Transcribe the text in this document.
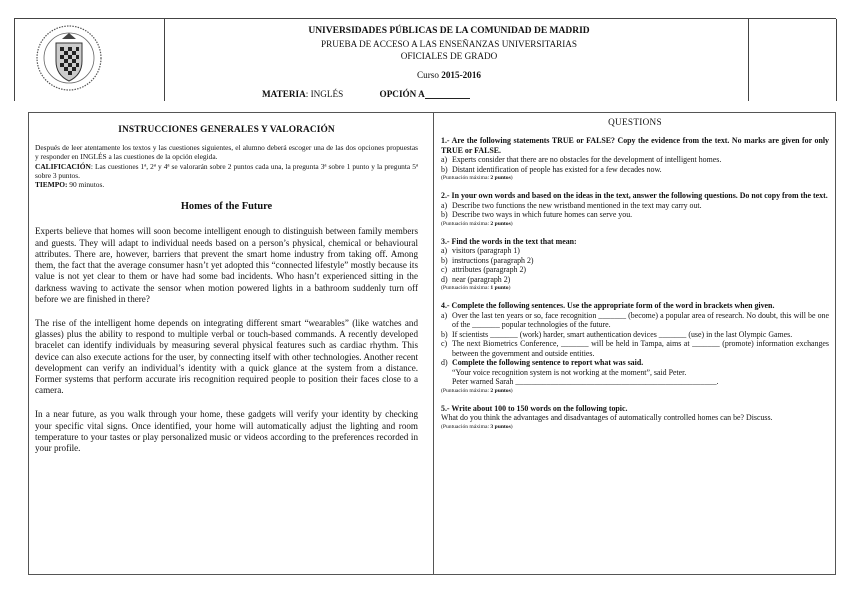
UNIVERSIDADES PÚBLICAS DE LA COMUNIDAD DE MADRID
PRUEBA DE ACCESO A LAS ENSEÑANZAS UNIVERSITARIAS
OFICIALES DE GRADO
Curso 2015-2016
MATERIA: INGLÉS	OPCIÓN A
INSTRUCCIONES GENERALES Y VALORACIÓN
Después de leer atentamente los textos y las cuestiones siguientes, el alumno deberá escoger una de las dos opciones propuestas y responder en INGLÉS a las cuestiones de la opción elegida.
CALIFICACIÓN: Las cuestiones 1ª, 2ª y 4ª se valorarán sobre 2 puntos cada una, la pregunta 3ª sobre 1 punto y la pregunta 5ª sobre 3 puntos.
TIEMPO: 90 minutos.
Homes of the Future
Experts believe that homes will soon become intelligent enough to distinguish between family members and guests. They will adapt to individual needs based on a person’s physical, chemical or behavioural attributes. There are, however, barriers that prevent the smart home industry from taking off. Among them, the fact that the average consumer hasn’t yet adopted this “connected lifestyle” mostly because its value is not yet clear to them or have had some bad incidents. Who hasn’t experienced sitting in the darkness waving to activate the sensor when motion powered lights in a bathroom suddenly turn off before we are finished in there?
The rise of the intelligent home depends on integrating different smart “wearables” (like watches and glasses) plus the ability to respond to multiple verbal or touch-based commands. A recently developed bracelet can identify individuals by measuring several physical features such as cardiac rhythm. This device can also execute actions for the user, by connecting itself with other technologies. Another recent development can verify an individual’s identity with a quick glance at the system from a distance. Former systems that perform accurate iris recognition required people to position their faces close to a camera.
In a near future, as you walk through your home, these gadgets will verify your identity by checking your specific vital signs. Once identified, your home will automatically adjust the lighting and room temperature to your tastes or play personalized music or videos according to the preferences recorded in your profile.
QUESTIONS
1.- Are the following statements TRUE or FALSE? Copy the evidence from the text. No marks are given for only TRUE or FALSE.
a) Experts consider that there are no obstacles for the development of intelligent homes.
b) Distant identification of people has existed for a few decades now.
(Puntuación máxima: 2 puntos)
2.- In your own words and based on the ideas in the text, answer the following questions. Do not copy from the text.
a) Describe two functions the new wristband mentioned in the text may carry out.
b) Describe two ways in which future homes can serve you.
(Puntuación máxima: 2 puntos)
3.- Find the words in the text that mean:
a) visitors (paragraph 1)
b) instructions (paragraph 2)
c) attributes (paragraph 2)
d) near (paragraph 2)
(Puntuación máxima: 1 punto)
4.- Complete the following sentences. Use the appropriate form of the word in brackets when given.
a) Over the last ten years or so, face recognition _______ (become) a popular area of research. No doubt, this will be one of the _______ popular technologies of the future.
b) If scientists _______ (work) harder, smart authentication devices _______ (use) in the last Olympic Games.
c) The next Biometrics Conference, _______ will be held in Tampa, aims at _______ (promote) information exchanges between the government and outside entities.
d) Complete the following sentence to report what was said.
“Your voice recognition system is not working at the moment”, said Peter.
Peter warned Sarah ___________________________________________________.
(Puntuación máxima: 2 puntos)
5.- Write about 100 to 150 words on the following topic.
What do you think the advantages and disadvantages of automatically controlled homes can be? Discuss.
(Puntuación máxima: 3 puntos)
